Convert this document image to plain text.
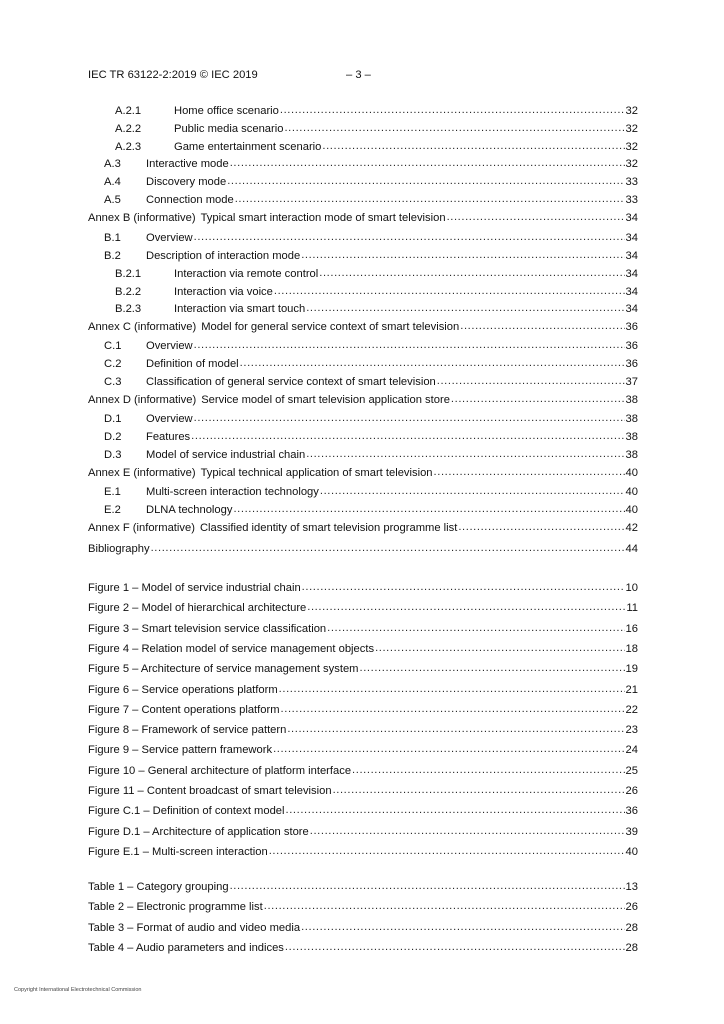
IEC TR 63122-2:2019 © IEC 2019	– 3 –
A.2.1	Home office scenario .....	32
A.2.2	Public media scenario .....	32
A.2.3	Game entertainment scenario .....	32
A.3	Interactive mode .....	32
A.4	Discovery mode .....	33
A.5	Connection mode .....	33
Annex B (informative) Typical smart interaction mode of smart television .....	34
B.1	Overview .....	34
B.2	Description of interaction mode .....	34
B.2.1	Interaction via remote control .....	34
B.2.2	Interaction via voice .....	34
B.2.3	Interaction via smart touch .....	34
Annex C (informative) Model for general service context of smart television .....	36
C.1	Overview .....	36
C.2	Definition of model .....	36
C.3	Classification of general service context of smart television .....	37
Annex D (informative) Service model of smart television application store .....	38
D.1	Overview .....	38
D.2	Features .....	38
D.3	Model of service industrial chain .....	38
Annex E (informative) Typical technical application of smart television .....	40
E.1	Multi-screen interaction technology .....	40
E.2	DLNA technology .....	40
Annex F (informative) Classified identity of smart television programme list .....	42
Bibliography .....	44
Figure 1 – Model of service industrial chain .....	10
Figure 2 – Model of hierarchical architecture .....	11
Figure 3 – Smart television service classification .....	16
Figure 4 – Relation model of service management objects .....	18
Figure 5 – Architecture of service management system .....	19
Figure 6 – Service operations platform .....	21
Figure 7 – Content operations platform .....	22
Figure 8 – Framework of service pattern .....	23
Figure 9 – Service pattern framework .....	24
Figure 10 – General architecture of platform interface .....	25
Figure 11 – Content broadcast of smart television .....	26
Figure C.1 – Definition of context model .....	36
Figure D.1 – Architecture of application store .....	39
Figure E.1 – Multi-screen interaction .....	40
Table 1 – Category grouping .....	13
Table 2 – Electronic programme list .....	26
Table 3 – Format of audio and video media .....	28
Table 4 – Audio parameters and indices .....	28
Copyright International Electrotechnical Commission
